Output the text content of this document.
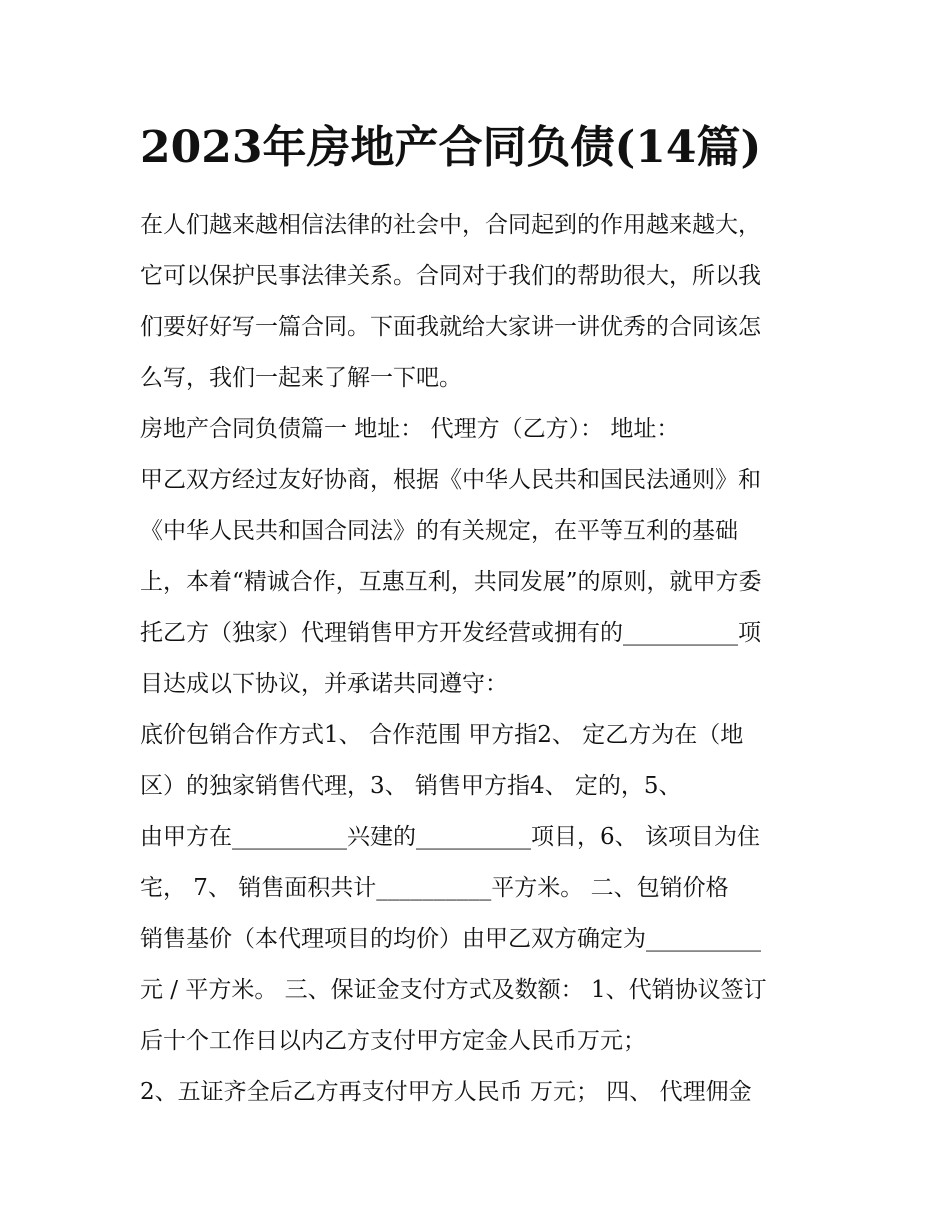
2023年房地产合同负债(14篇)
在人们越来越相信法律的社会中，合同起到的作用越来越大，
它可以保护民事法律关系。合同对于我们的帮助很大，所以我
们要好好写一篇合同。下面我就给大家讲一讲优秀的合同该怎
么写，我们一起来了解一下吧。
房地产合同负债篇一 地址： 代理方（乙方）： 地址：
甲乙双方经过友好协商，根据《中华人民共和国民法通则》和
《中华人民共和国合同法》的有关规定，在平等互利的基础
上，本着“精诚合作，互惠互利，共同发展”的原则，就甲方委
托乙方（独家）代理销售甲方开发经营或拥有的__________项
目达成以下协议，并承诺共同遵守：
底价包销合作方式1、 合作范围 甲方指2、 定乙方为在（地
区）的独家销售代理，3、 销售甲方指4、 定的，5、
由甲方在__________兴建的__________项目，6、 该项目为住
宅， 7、 销售面积共计__________平方米。 二、包销价格
销售基价（本代理项目的均价）由甲乙双方确定为__________
元 / 平方米。 三、保证金支付方式及数额： 1、代销协议签订
后十个工作日以内乙方支付甲方定金人民币万元；
2、五证齐全后乙方再支付甲方人民币 万元； 四、 代理佣金
